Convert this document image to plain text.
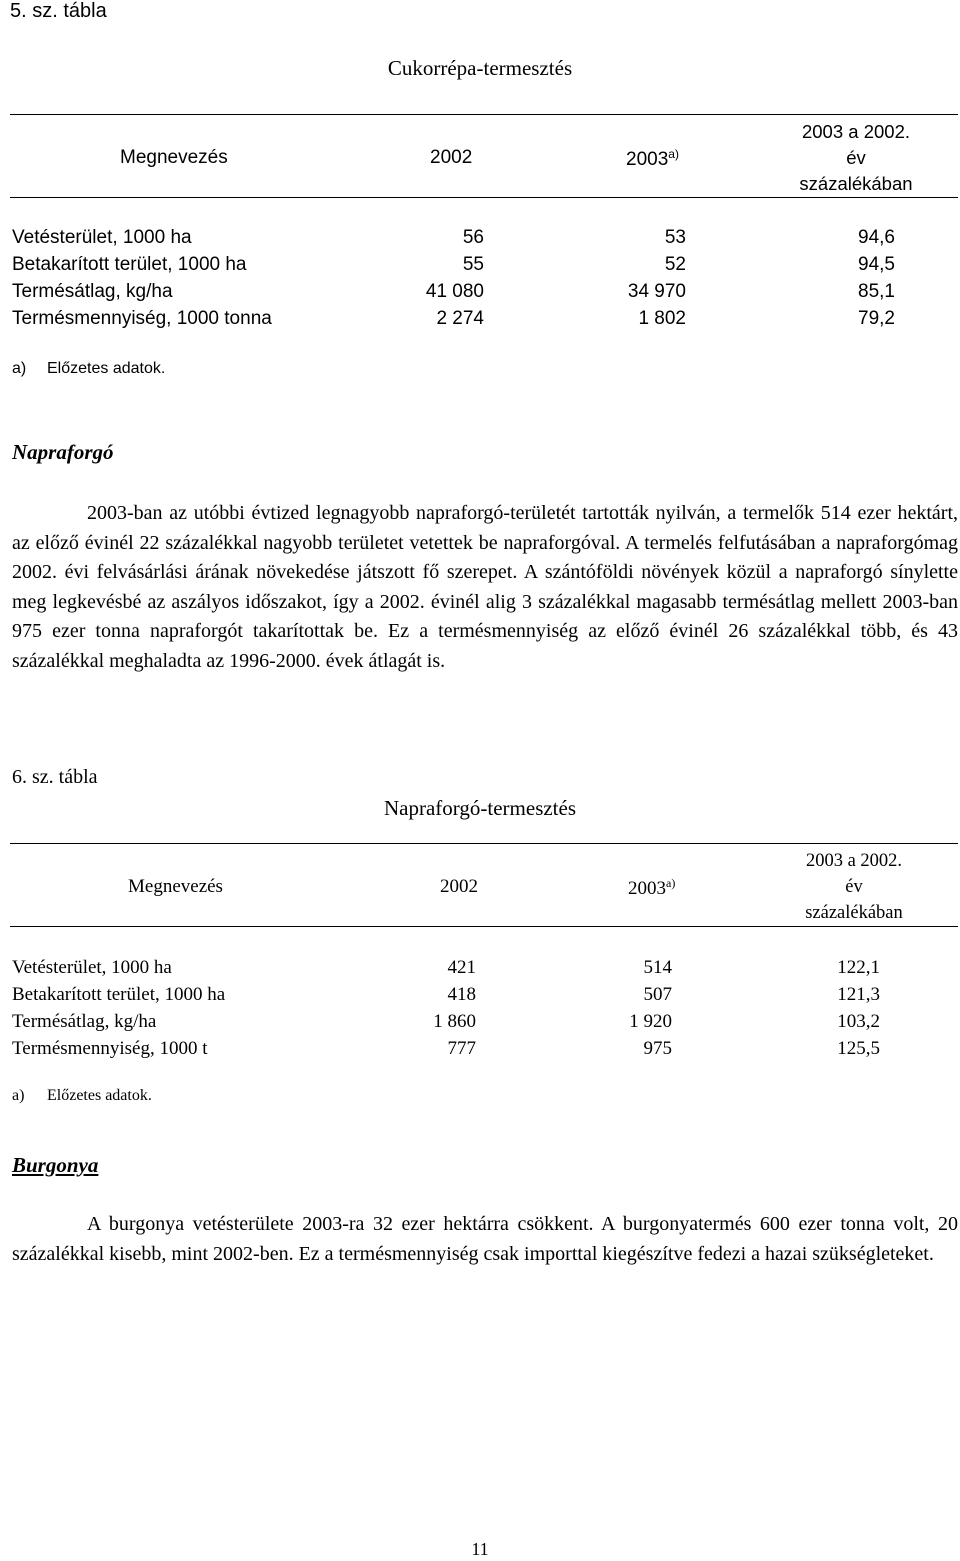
5. sz. tábla
Cukorrépa-termesztés
Megnevezés	2002	2003$^{a)}$
2003 a 2002.
év
százalékában
Vetésterület, 1000 ha	56	53	94,6
Betakarított terület, 1000 ha	55	52	94,5
Termésátlag, kg/ha	41 080	34 970	85,1
Termésmennyiség, 1000 tonna	2 274	1 802	79,2
a) Előzetes adatok.
Napraforgó
2003-ban az utóbbi évtized legnagyobb napraforgó-területét tartották nyilván, a termelők 514 ezer hektárt, az előző évinél 22 százalékkal nagyobb területet vetettek be napraforgóval. A termelés felfutásában a napraforgómag 2002. évi felvásárlási árának növekedése játszott fő szerepet. A szántóföldi növények közül a napraforgó sínylette meg legkevésbé az aszályos időszakot, így a 2002. évinél alig 3 százalékkal magasabb termésátlag mellett 2003-ban 975 ezer tonna napraforgót takarítottak be. Ez a termésmennyiség az előző évinél 26 százalékkal több, és 43 százalékkal meghaladta az 1996-2000. évek átlagát is.
6. sz. tábla
Napraforgó-termesztés
Megnevezés	2002	2003$^{a)}$
2003 a 2002.
év
százalékában
Vetésterület, 1000 ha	421	514	122,1
Betakarított terület, 1000 ha	418	507	121,3
Termésátlag, kg/ha	1 860	1 920	103,2
Termésmennyiség, 1000 t	777	975	125,5
a) Előzetes adatok.
Burgonya
A burgonya vetésterülete 2003-ra 32 ezer hektárra csökkent. A burgonyatermés 600 ezer tonna volt, 20 százalékkal kisebb, mint 2002-ben. Ez a termésmennyiség csak importtal kiegészítve fedezi a hazai szükségleteket.
11
